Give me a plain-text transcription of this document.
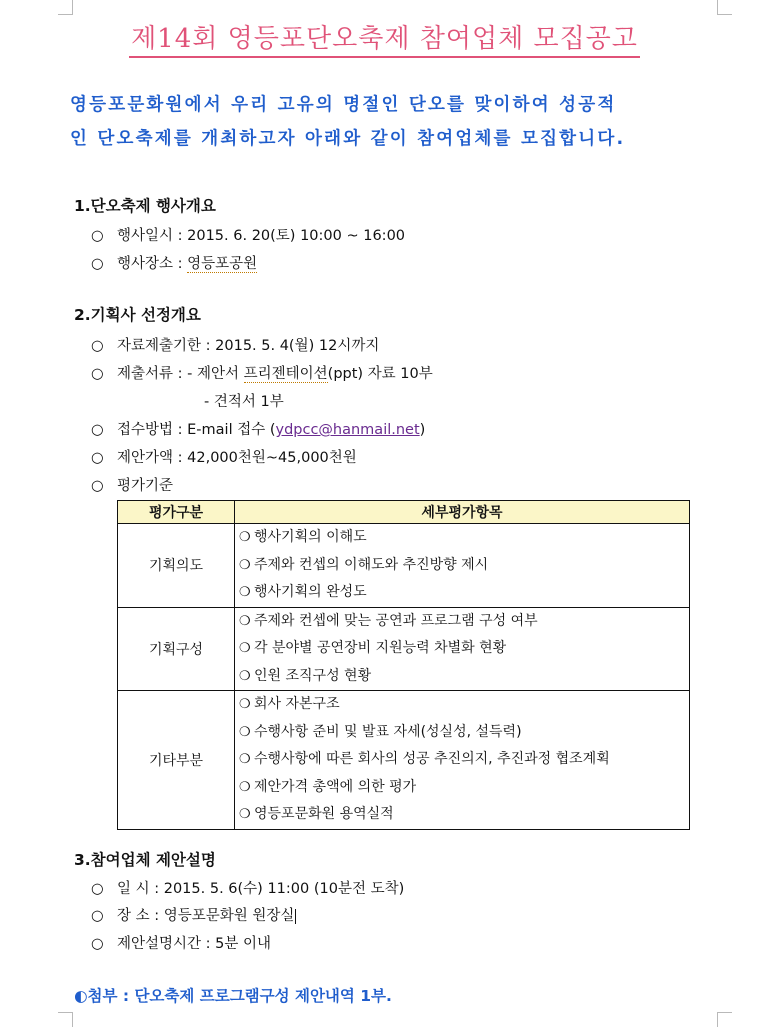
제14회 영등포단오축제 참여업체 모집공고

영등포문화원에서 우리 고유의 명절인 단오를 맞이하여 성공적

인 단오축제를 개최하고자 아래와 같이 참여업체를 모집합니다.

1.단오축제 행사개요

○ 행사일시 : 2015. 6. 20(토) 10:00 ~ 16:00

○ 행사장소 : 영등포공원

2.기획사 선정개요

○ 자료제출기한 : 2015. 5. 4(월) 12시까지

○ 제출서류 : - 제안서 프리젠테이션(ppt) 자료 10부

- 견적서 1부

○ 접수방법 : E-mail 접수 (ydpcc@hanmail.net)

○ 제안가액 : 42,000천원~45,000천원

○ 평가기준

평가구분	세부평가항목
기획의도	❍ 행사기획의 이해도
❍ 주제와 컨셉의 이해도와 추진방향 제시
❍ 행사기획의 완성도

기획구성	❍ 주제와 컨셉에 맞는 공연과 프로그램 구성 여부
❍ 각 분야별 공연장비 지원능력 차별화 현황
❍ 인원 조직구성 현황

기타부분	❍ 회사 자본구조
❍ 수행사항 준비 및 발표 자세(성실성, 설득력)
❍ 수행사항에 따른 회사의 성공 추진의지, 추진과정 협조계획
❍ 제안가격 총액에 의한 평가
❍ 영등포문화원 용역실적

3.참여업체 제안설명

○ 일 시 : 2015. 5. 6(수) 11:00 (10분전 도착)

○ 장 소 : 영등포문화원 원장실

○ 제안설명시간 : 5분 이내

◐첨부 : 단오축제 프로그램구성 제안내역 1부.
